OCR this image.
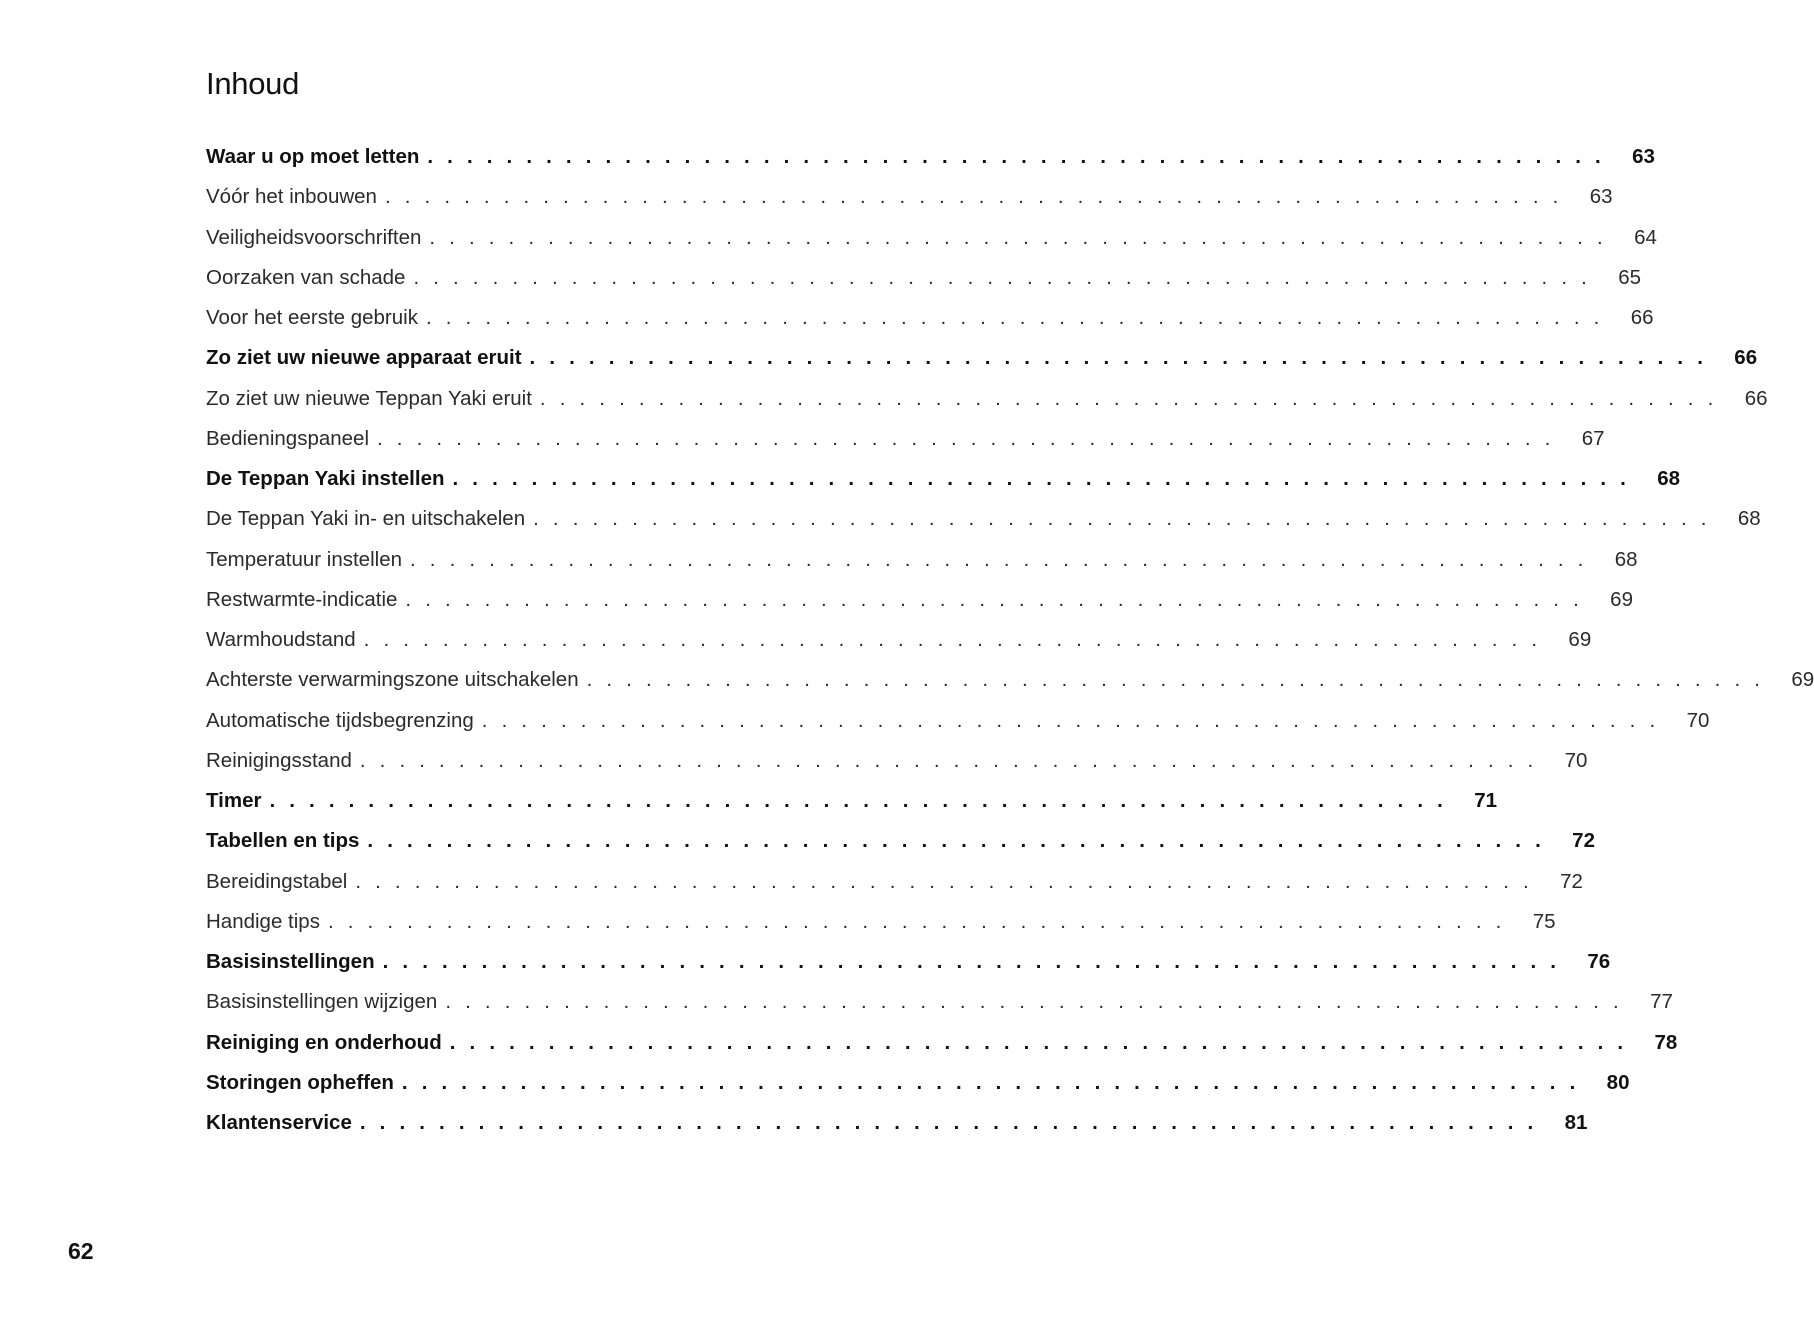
Inhoud
Waar u op moet letten . . . . . . . . . . . . . . . . . . . . . . . . . . . . . . . . . . . . . . . . . . . . . . . . . . . . . . . . . . . . 63
Vóór het inbouwen . . . . . . . . . . . . . . . . . . . . . . . . . . . . . . . . . . . . . . . . . . . . . . . . . . . . . . . . . . . . 63
Veiligheidsvoorschriften . . . . . . . . . . . . . . . . . . . . . . . . . . . . . . . . . . . . . . . . . . . . . . . . . . . . . . . . . . . . 64
Oorzaken van schade . . . . . . . . . . . . . . . . . . . . . . . . . . . . . . . . . . . . . . . . . . . . . . . . . . . . . . . . . . . . 65
Voor het eerste gebruik . . . . . . . . . . . . . . . . . . . . . . . . . . . . . . . . . . . . . . . . . . . . . . . . . . . . . . . . . . . . 66
Zo ziet uw nieuwe apparaat eruit . . . . . . . . . . . . . . . . . . . . . . . . . . . . . . . . . . . . . . . . . . . . . . . . . . . . . . . . . . . . 66
Zo ziet uw nieuwe Teppan Yaki eruit . . . . . . . . . . . . . . . . . . . . . . . . . . . . . . . . . . . . . . . . . . . . . . . . . . . . . . . . . . . . 66
Bedieningspaneel . . . . . . . . . . . . . . . . . . . . . . . . . . . . . . . . . . . . . . . . . . . . . . . . . . . . . . . . . . . . 67
De Teppan Yaki instellen . . . . . . . . . . . . . . . . . . . . . . . . . . . . . . . . . . . . . . . . . . . . . . . . . . . . . . . . . . . . 68
De Teppan Yaki in- en uitschakelen . . . . . . . . . . . . . . . . . . . . . . . . . . . . . . . . . . . . . . . . . . . . . . . . . . . . . . . . . . . . 68
Temperatuur instellen . . . . . . . . . . . . . . . . . . . . . . . . . . . . . . . . . . . . . . . . . . . . . . . . . . . . . . . . . . . . 68
Restwarmte-indicatie . . . . . . . . . . . . . . . . . . . . . . . . . . . . . . . . . . . . . . . . . . . . . . . . . . . . . . . . . . . . 69
Warmhoudstand . . . . . . . . . . . . . . . . . . . . . . . . . . . . . . . . . . . . . . . . . . . . . . . . . . . . . . . . . . . . 69
Achterste verwarmingszone uitschakelen . . . . . . . . . . . . . . . . . . . . . . . . . . . . . . . . . . . . . . . . . . . . . . . . . . . . . . . . . . . . 69
Automatische tijdsbegrenzing . . . . . . . . . . . . . . . . . . . . . . . . . . . . . . . . . . . . . . . . . . . . . . . . . . . . . . . . . . . . 70
Reinigingsstand . . . . . . . . . . . . . . . . . . . . . . . . . . . . . . . . . . . . . . . . . . . . . . . . . . . . . . . . . . . . 70
Timer . . . . . . . . . . . . . . . . . . . . . . . . . . . . . . . . . . . . . . . . . . . . . . . . . . . . . . . . . . . . 71
Tabellen en tips . . . . . . . . . . . . . . . . . . . . . . . . . . . . . . . . . . . . . . . . . . . . . . . . . . . . . . . . . . . . 72
Bereidingstabel . . . . . . . . . . . . . . . . . . . . . . . . . . . . . . . . . . . . . . . . . . . . . . . . . . . . . . . . . . . . 72
Handige tips . . . . . . . . . . . . . . . . . . . . . . . . . . . . . . . . . . . . . . . . . . . . . . . . . . . . . . . . . . . . 75
Basisinstellingen . . . . . . . . . . . . . . . . . . . . . . . . . . . . . . . . . . . . . . . . . . . . . . . . . . . . . . . . . . . . 76
Basisinstellingen wijzigen . . . . . . . . . . . . . . . . . . . . . . . . . . . . . . . . . . . . . . . . . . . . . . . . . . . . . . . . . . . . 77
Reiniging en onderhoud . . . . . . . . . . . . . . . . . . . . . . . . . . . . . . . . . . . . . . . . . . . . . . . . . . . . . . . . . . . . 78
Storingen opheffen . . . . . . . . . . . . . . . . . . . . . . . . . . . . . . . . . . . . . . . . . . . . . . . . . . . . . . . . . . . . 80
Klantenservice . . . . . . . . . . . . . . . . . . . . . . . . . . . . . . . . . . . . . . . . . . . . . . . . . . . . . . . . . . . . 81
62
